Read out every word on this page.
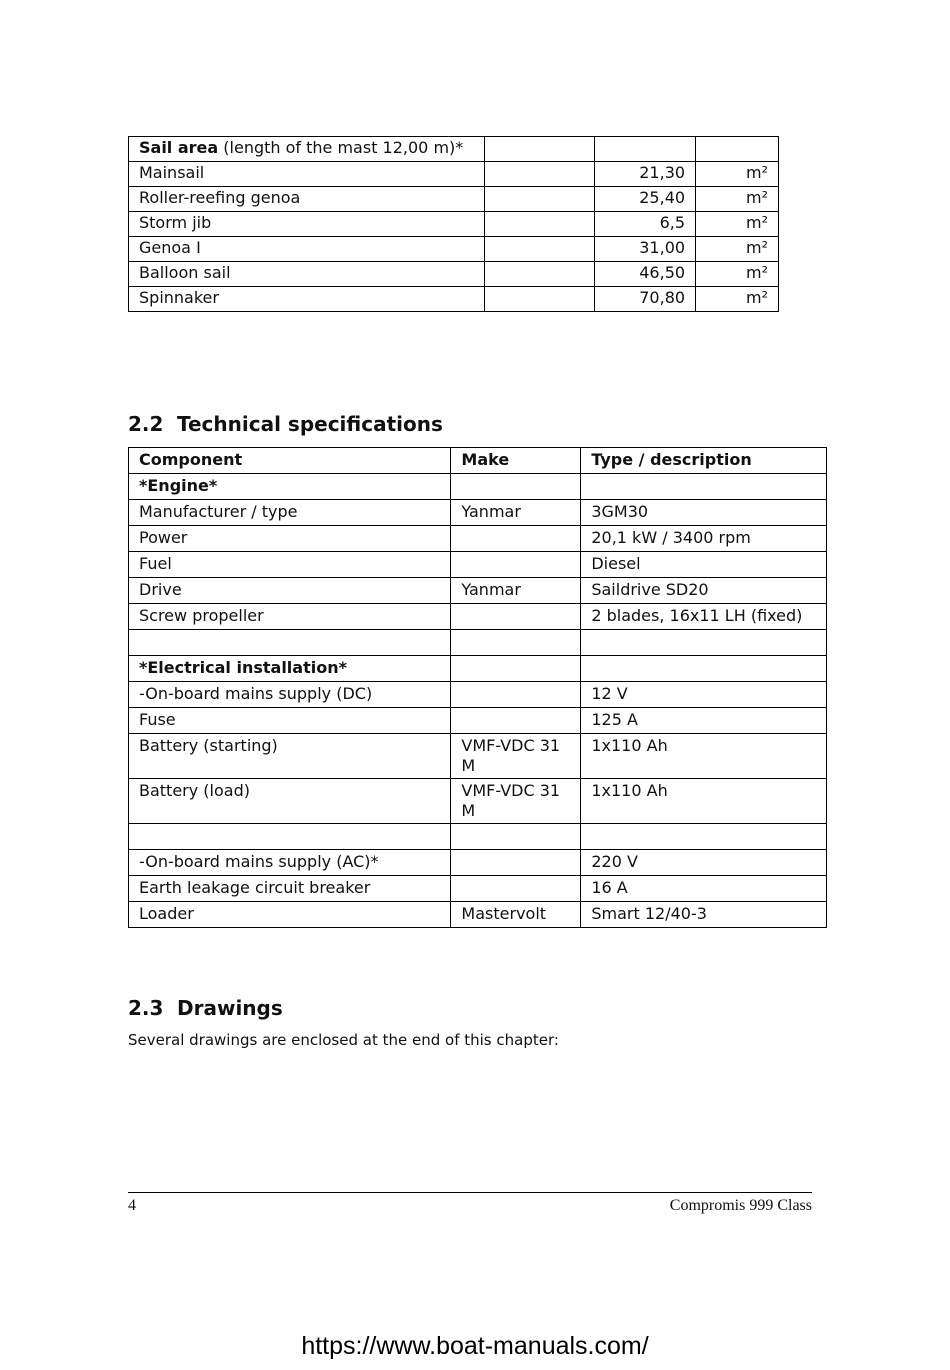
Sail area (length of the mast 12,00 m)*			
Mainsail		21,30	m²
Roller-reefing genoa		25,40	m²
Storm jib		6,5	m²
Genoa I		31,00	m²
Balloon sail		46,50	m²
Spinnaker		70,80	m²
2.2 Technical specifications
Component	Make	Type / description
*Engine*		
Manufacturer / type	Yanmar	3GM30
Power		20,1 kW / 3400 rpm
Fuel		Diesel
Drive	Yanmar	Saildrive SD20
Screw propeller		2 blades, 16x11 LH (fixed)

*Electrical installation*		
-On-board mains supply (DC)		12 V
Fuse		125 A
Battery (starting)	VMF-VDC 31 M	1x110 Ah
Battery (load)	VMF-VDC 31 M	1x110 Ah

-On-board mains supply (AC)*		220 V
Earth leakage circuit breaker		16 A
Loader	Mastervolt	Smart 12/40-3
2.3 Drawings

Several drawings are enclosed at the end of this chapter:

4	Compromis 999 Class
https://www.boat-manuals.com/
